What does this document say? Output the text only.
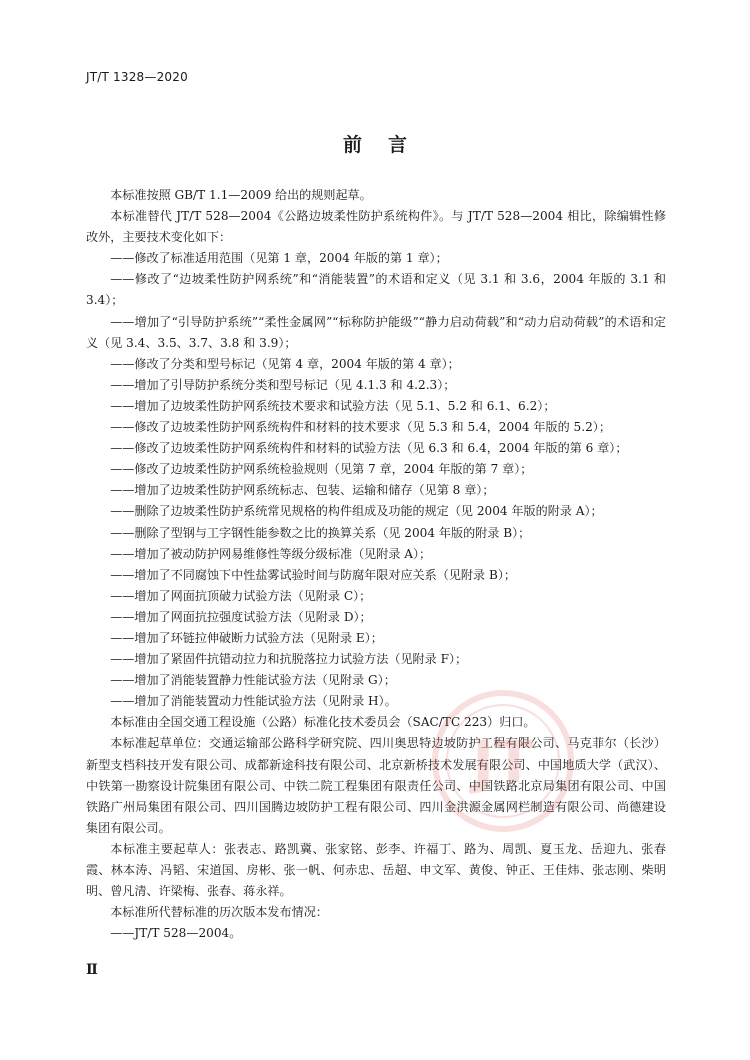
JT/T 1328—2020
前言

本标准按照 GB/T 1.1—2009 给出的规则起草。

本标准替代 JT/T 528—2004《公路边坡柔性防护系统构件》。与 JT/T 528—2004 相比，除编辑性修改外，主要技术变化如下：

——修改了标准适用范围（见第 1 章，2004 年版的第 1 章）；

——修改了“边坡柔性防护网系统”和“消能装置”的术语和定义（见 3.1 和 3.6，2004 年版的 3.1 和 3.4）；

——增加了“引导防护系统”“柔性金属网”“标称防护能级”“静力启动荷载”和“动力启动荷载”的术语和定义（见 3.4、3.5、3.7、3.8 和 3.9）；

——修改了分类和型号标记（见第 4 章，2004 年版的第 4 章）；

——增加了引导防护系统分类和型号标记（见 4.1.3 和 4.2.3）；

——增加了边坡柔性防护网系统技术要求和试验方法（见 5.1、5.2 和 6.1、6.2）；

——修改了边坡柔性防护网系统构件和材料的技术要求（见 5.3 和 5.4，2004 年版的 5.2）；

——修改了边坡柔性防护网系统构件和材料的试验方法（见 6.3 和 6.4，2004 年版的第 6 章）；

——修改了边坡柔性防护网系统检验规则（见第 7 章，2004 年版的第 7 章）；

——增加了边坡柔性防护网系统标志、包装、运输和储存（见第 8 章）；

——删除了边坡柔性防护系统常见规格的构件组成及功能的规定（见 2004 年版的附录 A）；

——删除了型钢与工字钢性能参数之比的换算关系（见 2004 年版的附录 B）；

——增加了被动防护网易维修性等级分级标准（见附录 A）；

——增加了不同腐蚀下中性盐雾试验时间与防腐年限对应关系（见附录 B）；

——增加了网面抗顶破力试验方法（见附录 C）；

——增加了网面抗拉强度试验方法（见附录 D）；

——增加了环链拉伸破断力试验方法（见附录 E）；

——增加了紧固件抗错动拉力和抗脱落拉力试验方法（见附录 F）；

——增加了消能装置静力性能试验方法（见附录 G）；

——增加了消能装置动力性能试验方法（见附录 H）。

本标准由全国交通工程设施（公路）标准化技术委员会（SAC/TC 223）归口。

本标准起草单位：交通运输部公路科学研究院、四川奥思特边坡防护工程有限公司、马克菲尔（长沙）新型支档科技开发有限公司、成都新途科技有限公司、北京新桥技术发展有限公司、中国地质大学（武汉）、中铁第一勘察设计院集团有限公司、中铁二院工程集团有限责任公司、中国铁路北京局集团有限公司、中国铁路广州局集团有限公司、四川国腾边坡防护工程有限公司、四川金洪源金属网栏制造有限公司、尚德建设集团有限公司。

本标准主要起草人：张表志、路凯冀、张家铭、彭李、许福丁、路为、周凯、夏玉龙、岳迎九、张春霞、林本涛、冯韬、宋道国、房彬、张一帆、何赤忠、岳超、申文军、黄俊、钟正、王佳炜、张志刚、柴明明、曾凡清、许梁梅、张春、蒋永祥。

本标准所代替标准的历次版本发布情况：

——JT/T 528—2004。

JT
Ⅱ
